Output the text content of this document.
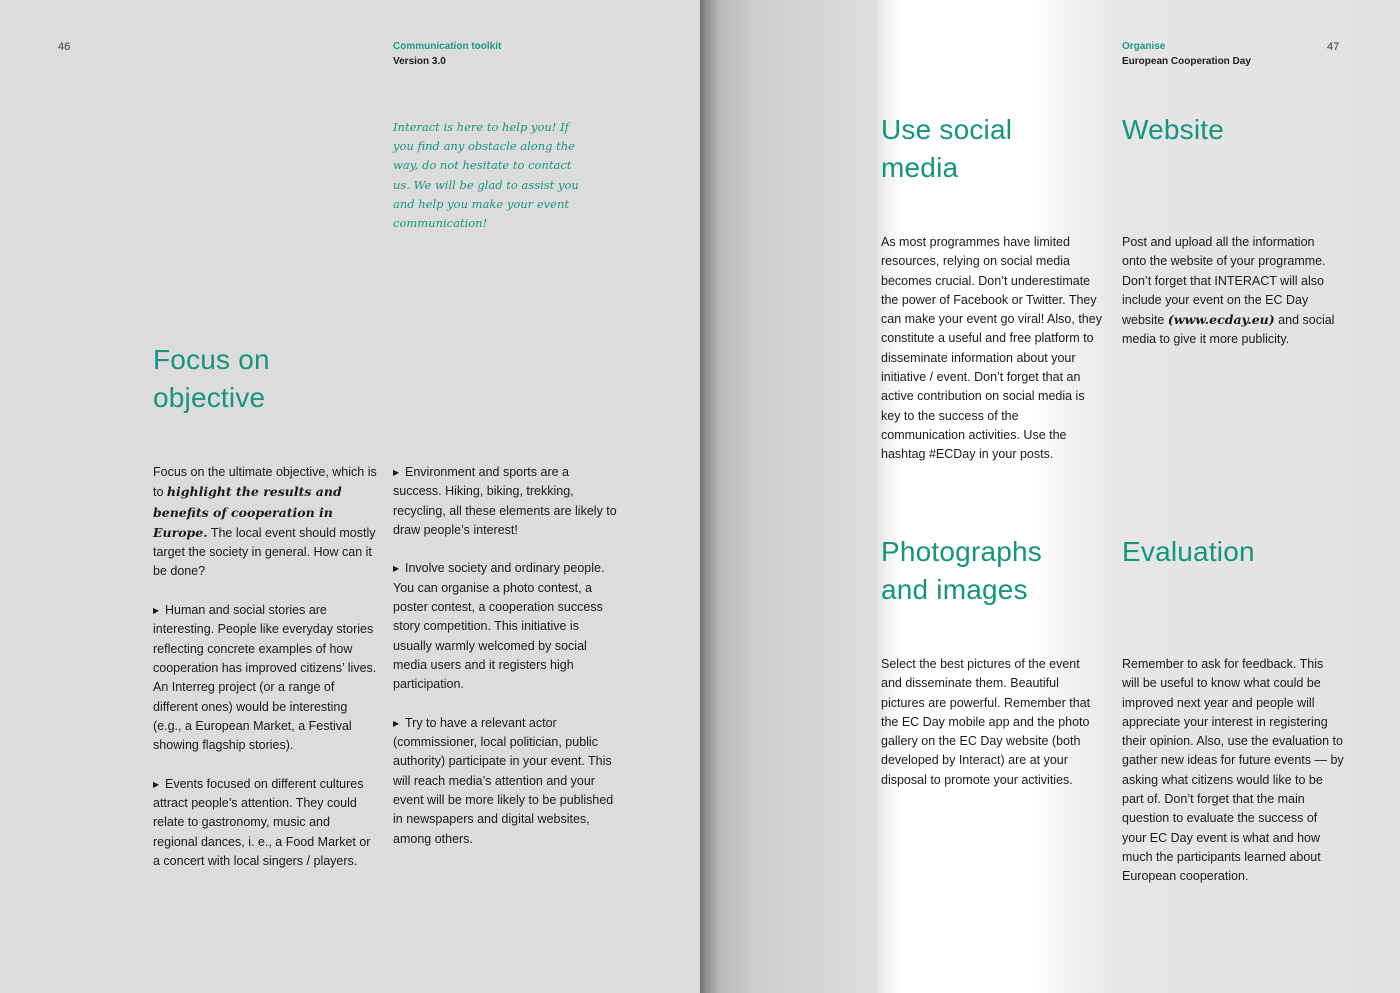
46	Communication toolkit
Version 3.0
Interact is here to help you! If you find any obstacle along the way, do not hesitate to contact us. We will be glad to assist you and help you make your event communication!
Focus on
objective

Focus on the ultimate objective, which is to highlight the results and benefits of cooperation in Europe. The local event should mostly target the society in general. How can it be done?

▶ Human and social stories are interesting. People like everyday stories reflecting concrete examples of how cooperation has improved citizens’ lives. An Interreg project (or a range of different ones) would be interesting (e.g., a European Market, a Festival showing flagship stories).

▶ Events focused on different cultures attract people’s attention. They could relate to gastronomy, music and regional dances, i. e., a Food Market or a concert with local singers / players.

▶ Environment and sports are a success. Hiking, biking, trekking, recycling, all these elements are likely to draw people’s interest!

▶ Involve society and ordinary people. You can organise a photo contest, a poster contest, a cooperation success story competition. This initiative is usually warmly welcomed by social media users and it registers high participation.

▶ Try to have a relevant actor (commissioner, local politician, public authority) participate in your event. This will reach media’s attention and your event will be more likely to be published in newspapers and digital websites, among others.

Organise
European Cooperation Day
47
Use social
media
As most programmes have limited resources, relying on social media becomes crucial. Don’t underestimate the power of Facebook or Twitter. They can make your event go viral! Also, they constitute a useful and free platform to disseminate information about your initiative / event. Don’t forget that an active contribution on social media is key to the success of the communication activities. Use the hashtag #ECDay in your posts.
Website
Post and upload all the information onto the website of your programme. Don’t forget that INTERACT will also include your event on the EC Day website (www.ecday.eu) and social media to give it more publicity.
Photographs
and images
Select the best pictures of the event and disseminate them. Beautiful pictures are powerful. Remember that the EC Day mobile app and the photo gallery on the EC Day website (both developed by Interact) are at your disposal to promote your activities.
Evaluation
Remember to ask for feedback. This will be useful to know what could be improved next year and people will appreciate your interest in registering their opinion. Also, use the evaluation to gather new ideas for future events — by asking what citizens would like to be part of. Don’t forget that the main question to evaluate the success of your EC Day event is what and how much the participants learned about European cooperation.
